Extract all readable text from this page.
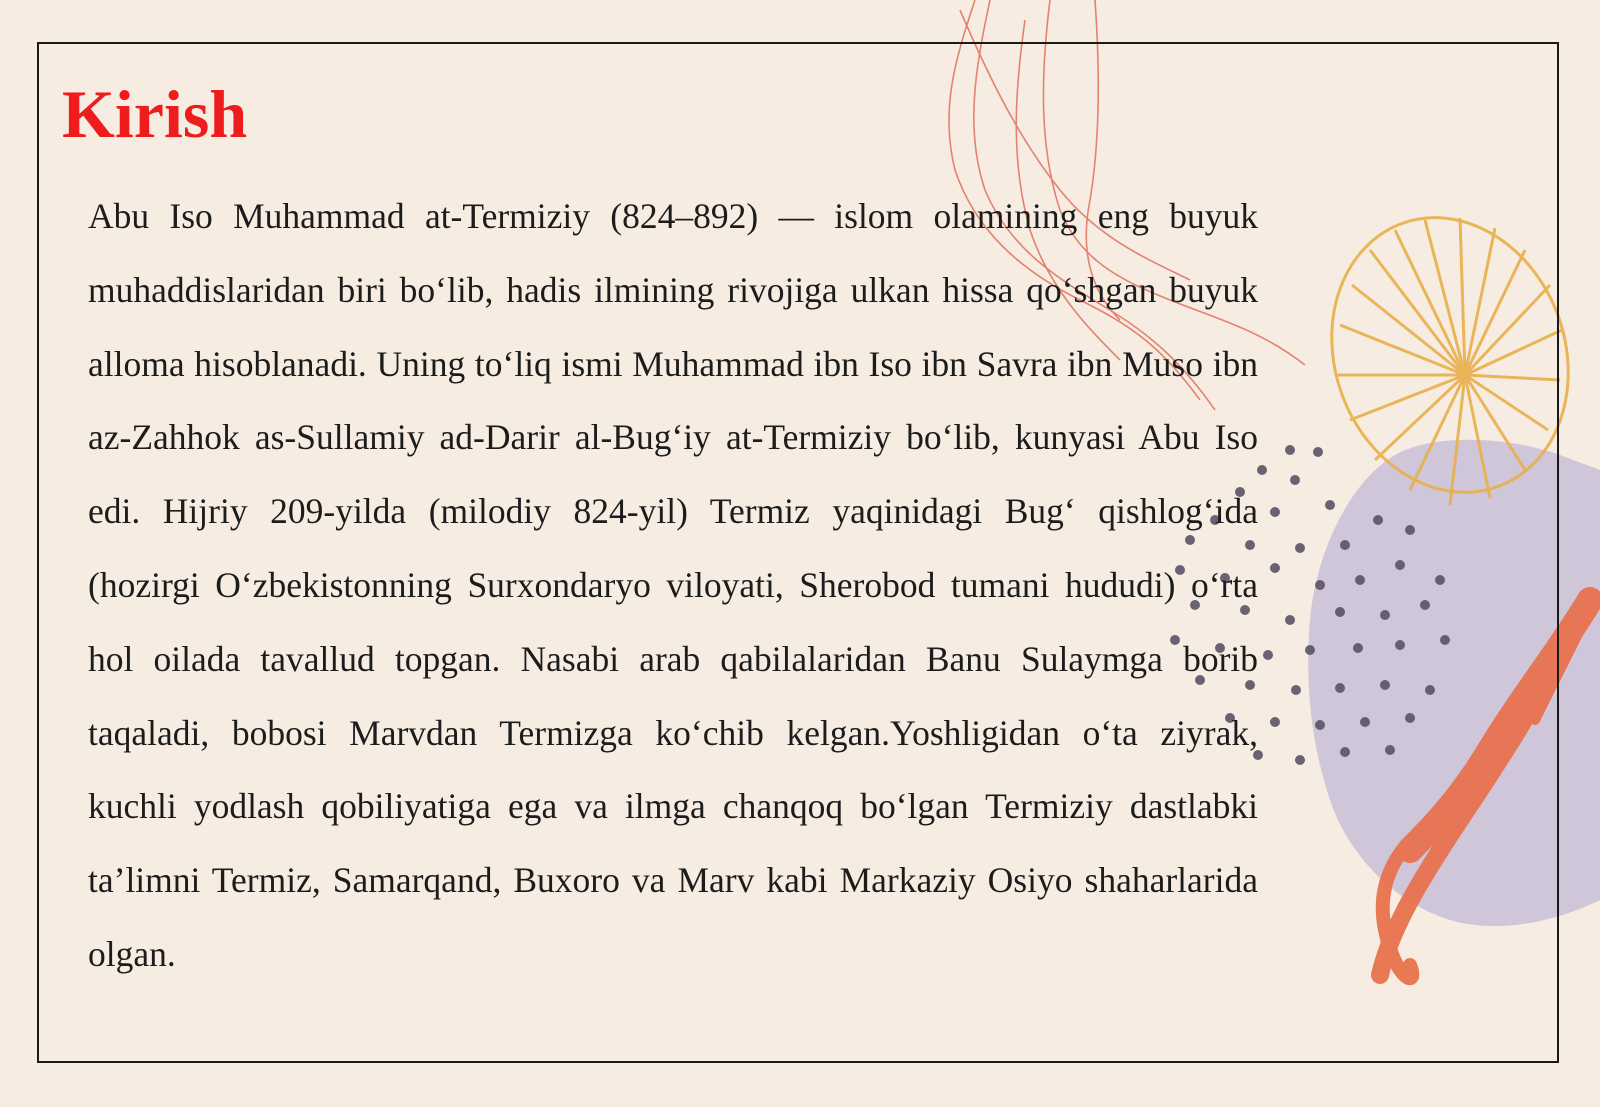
Kirish

Abu Iso Muhammad at-Termiziy (824–892) — islom olamining eng buyuk muhaddislaridan biri bo‘lib, hadis ilmining rivojiga ulkan hissa qo‘shgan buyuk alloma hisoblanadi. Uning to‘liq ismi Muhammad ibn Iso ibn Savra ibn Muso ibn az-Zahhok as-Sullamiy ad-Darir al-Bug‘iy at-Termiziy bo‘lib, kunyasi Abu Iso edi. Hijriy 209-yilda (milodiy 824-yil) Termiz yaqinidagi Bug‘ qishlog‘ida (hozirgi O‘zbekistonning Surxondaryo viloyati, Sherobod tumani hududi) o‘rta hol oilada tavallud topgan. Nasabi arab qabilalaridan Banu Sulaymga borib taqaladi, bobosi Marvdan Termizga ko‘chib kelgan.Yoshligidan o‘ta ziyrak, kuchli yodlash qobiliyatiga ega va ilmga chanqoq bo‘lgan Termiziy dastlabki ta’limni Termiz, Samarqand, Buxoro va Marv kabi Markaziy Osiyo shaharlarida olgan.
